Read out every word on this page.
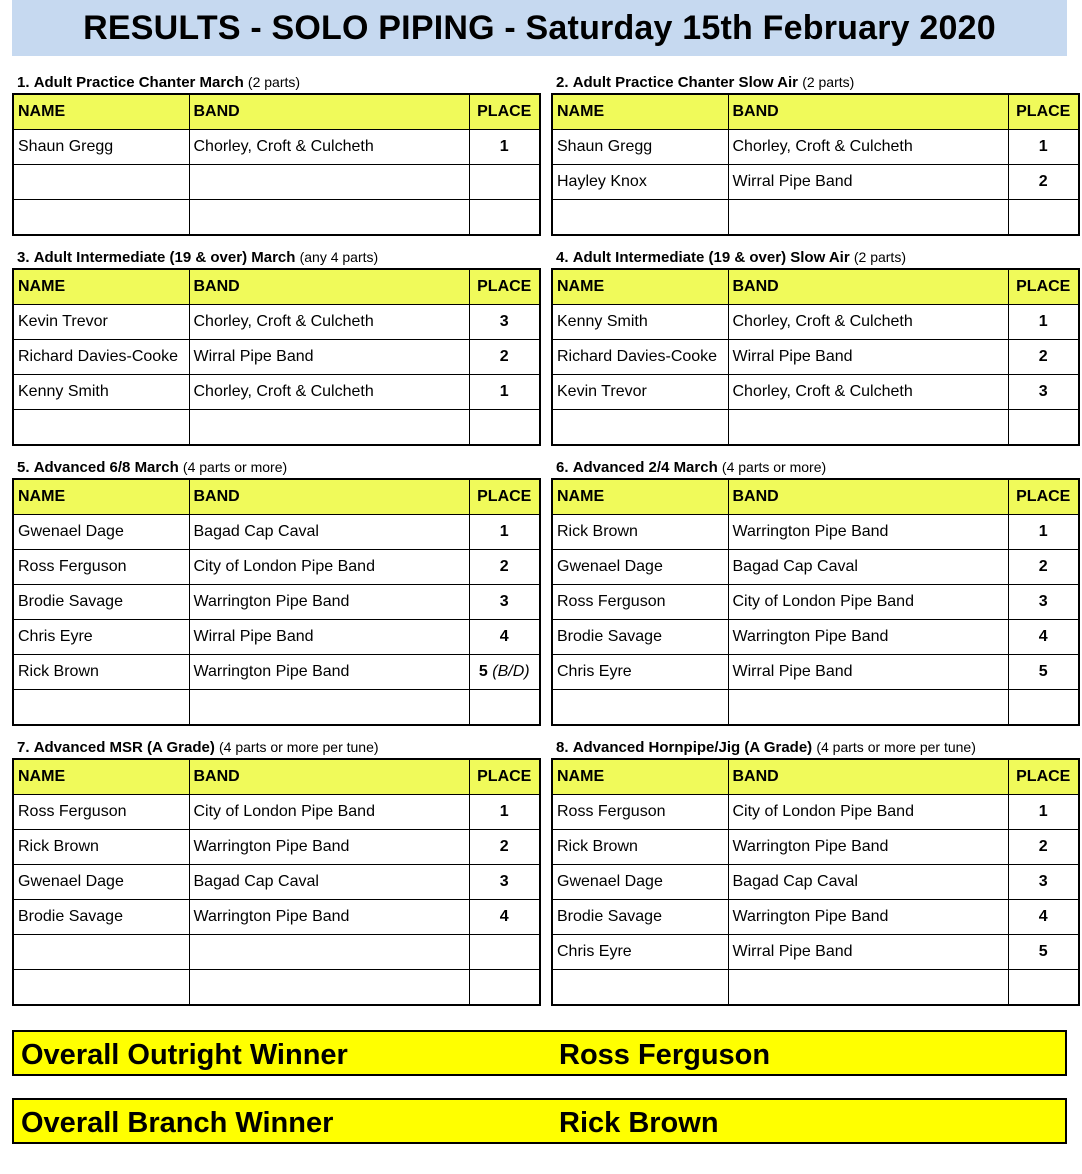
RESULTS - SOLO PIPING - Saturday 15th February 2020
1. Adult Practice Chanter March (2 parts)
NAME	BAND	PLACE
Shaun Gregg	Chorley, Croft & Culcheth	1

2. Adult Practice Chanter Slow Air (2 parts)
NAME	BAND	PLACE
Shaun Gregg	Chorley, Croft & Culcheth	1
Hayley Knox	Wirral Pipe Band	2

3. Adult Intermediate (19 & over) March (any 4 parts)
NAME	BAND	PLACE
Kevin Trevor	Chorley, Croft & Culcheth	3
Richard Davies-Cooke	Wirral Pipe Band	2
Kenny Smith	Chorley, Croft & Culcheth	1

4. Adult Intermediate (19 & over) Slow Air (2 parts)
NAME	BAND	PLACE
Kenny Smith	Chorley, Croft & Culcheth	1
Richard Davies-Cooke	Wirral Pipe Band	2
Kevin Trevor	Chorley, Croft & Culcheth	3

5. Advanced 6/8 March (4 parts or more)
NAME	BAND	PLACE
Gwenael Dage	Bagad Cap Caval	1
Ross Ferguson	City of London Pipe Band	2
Brodie Savage	Warrington Pipe Band	3
Chris Eyre	Wirral Pipe Band	4
Rick Brown	Warrington Pipe Band	5 (B/D)

6. Advanced 2/4 March (4 parts or more)
NAME	BAND	PLACE
Rick Brown	Warrington Pipe Band	1
Gwenael Dage	Bagad Cap Caval	2
Ross Ferguson	City of London Pipe Band	3
Brodie Savage	Warrington Pipe Band	4
Chris Eyre	Wirral Pipe Band	5

7. Advanced MSR (A Grade) (4 parts or more per tune)
NAME	BAND	PLACE
Ross Ferguson	City of London Pipe Band	1
Rick Brown	Warrington Pipe Band	2
Gwenael Dage	Bagad Cap Caval	3
Brodie Savage	Warrington Pipe Band	4

8. Advanced Hornpipe/Jig (A Grade) (4 parts or more per tune)
NAME	BAND	PLACE
Ross Ferguson	City of London Pipe Band	1
Rick Brown	Warrington Pipe Band	2
Gwenael Dage	Bagad Cap Caval	3
Brodie Savage	Warrington Pipe Band	4
Chris Eyre	Wirral Pipe Band	5

Overall Outright Winner	Ross Ferguson
Overall Branch Winner	Rick Brown
